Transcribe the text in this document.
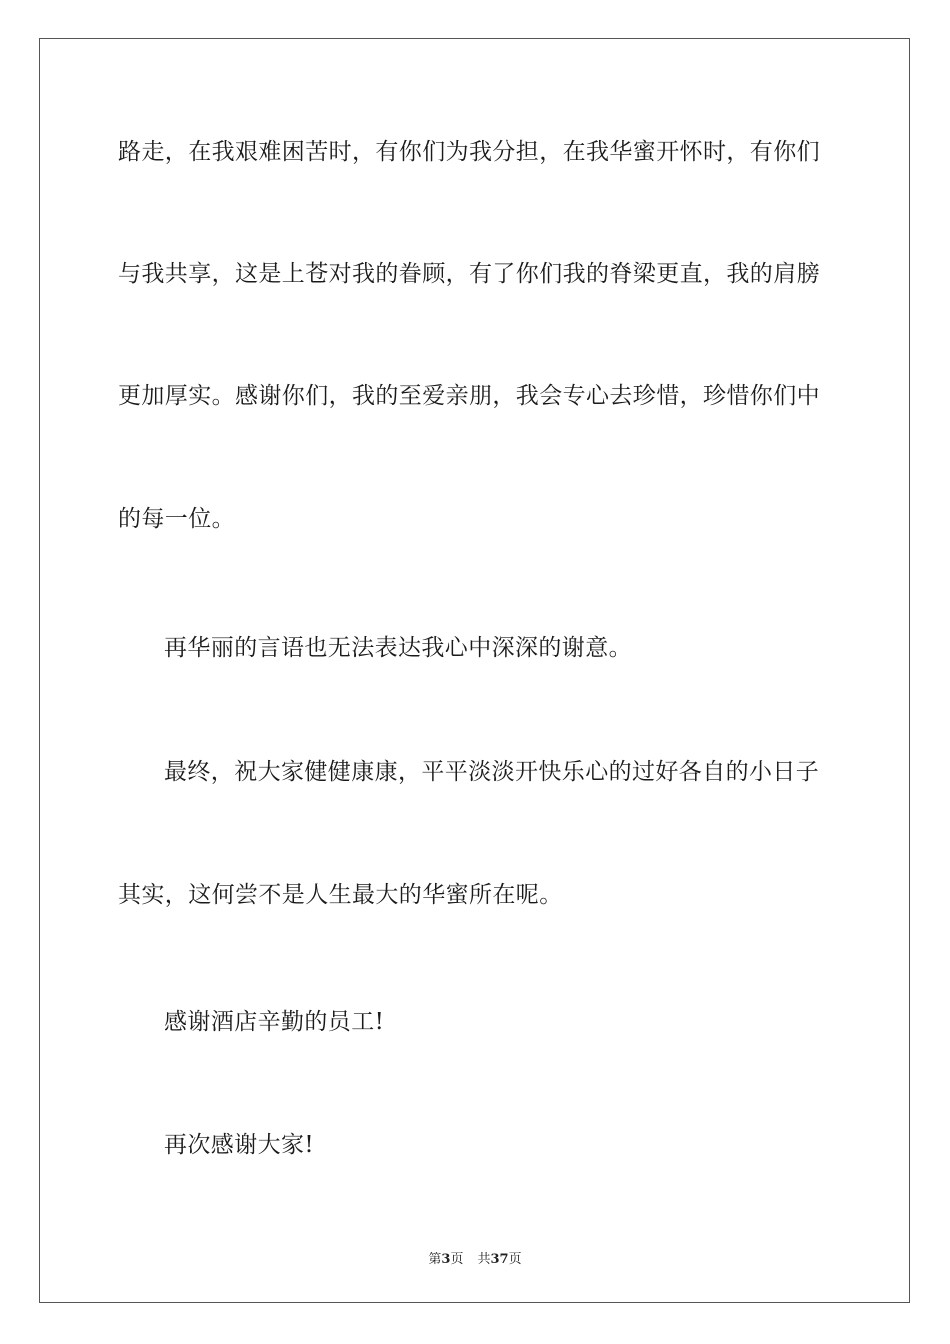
路走，在我艰难困苦时，有你们为我分担，在我华蜜开怀时，有你们
与我共享，这是上苍对我的眷顾，有了你们我的脊梁更直，我的肩膀
更加厚实。感谢你们，我的至爱亲朋，我会专心去珍惜，珍惜你们中
的每一位。
再华丽的言语也无法表达我心中深深的谢意。
最终，祝大家健健康康，平平淡淡开快乐心的过好各自的小日子
其实，这何尝不是人生最大的华蜜所在呢。
感谢酒店辛勤的员工!
再次感谢大家!
第3页 共37页
